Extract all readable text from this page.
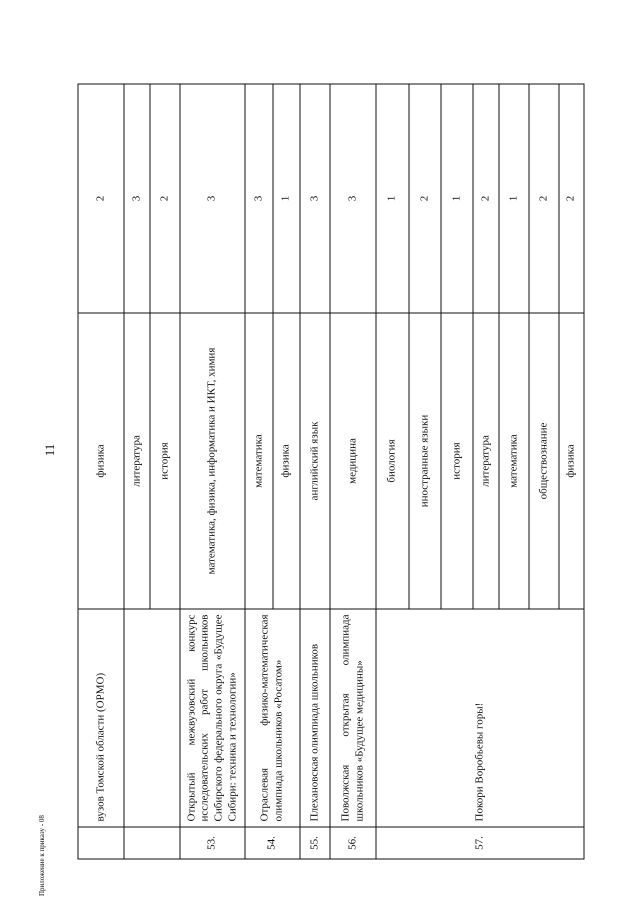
11
	вузов Томской области (ОРМО)	физика	2
		литература	3
		история	2
53.	Открытый межвузовский конкурс исследовательских работ школьников Сибирского федерального округа «Будущее Сибири: техника и технологии»	математика, физика, информатика и ИКТ, химия	3
54.	Отраслевая физико-математическая олимпиада школьников «Росатом»	математика	3
		физика	1
55.	Плехановская олимпиада школьников	английский язык	3
56.	Поволжская открытая олимпиада школьников «Будущее медицины»	медицина	3
57.	Покори Воробьевы горы!	биология	1
		иностранные языки	2
		история	1
		литература	2
		математика	1
		обществознание	2
		физика	2
Приложение к приказу - 08
